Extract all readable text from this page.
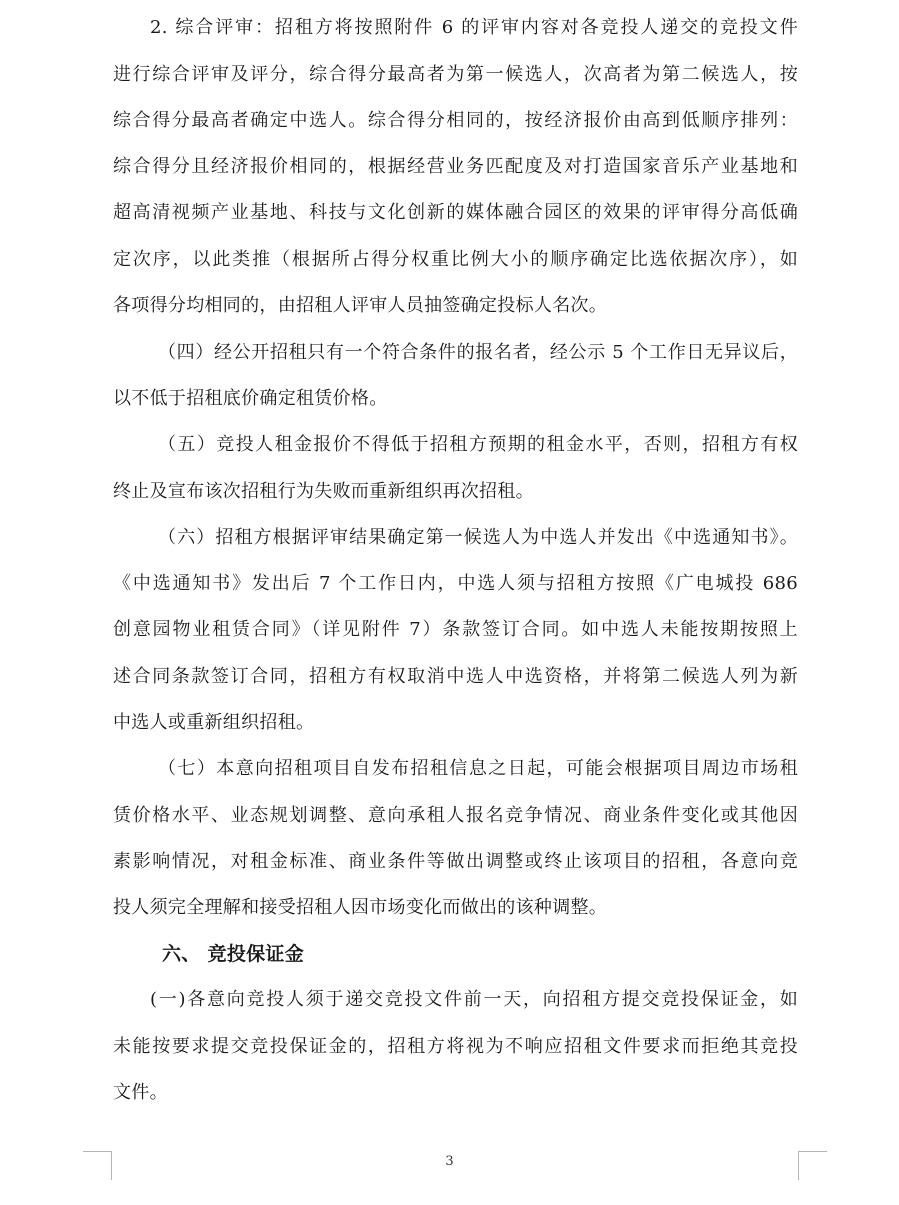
2. 综合评审：招租方将按照附件 6 的评审内容对各竞投人递交的竞投文件
进行综合评审及评分，综合得分最高者为第一候选人，次高者为第二候选人，按
综合得分最高者确定中选人。综合得分相同的，按经济报价由高到低顺序排列：
综合得分且经济报价相同的，根据经营业务匹配度及对打造国家音乐产业基地和
超高清视频产业基地、科技与文化创新的媒体融合园区的效果的评审得分高低确
定次序，以此类推（根据所占得分权重比例大小的顺序确定比选依据次序），如
各项得分均相同的，由招租人评审人员抽签确定投标人名次。
（四）经公开招租只有一个符合条件的报名者，经公示 5 个工作日无异议后，
以不低于招租底价确定租赁价格。
（五）竞投人租金报价不得低于招租方预期的租金水平，否则，招租方有权
终止及宣布该次招租行为失败而重新组织再次招租。
（六）招租方根据评审结果确定第一候选人为中选人并发出《中选通知书》。
《中选通知书》发出后 7 个工作日内，中选人须与招租方按照《广电城投 686
创意园物业租赁合同》（详见附件 7）条款签订合同。如中选人未能按期按照上
述合同条款签订合同，招租方有权取消中选人中选资格，并将第二候选人列为新
中选人或重新组织招租。
（七）本意向招租项目自发布招租信息之日起，可能会根据项目周边市场租
赁价格水平、业态规划调整、意向承租人报名竞争情况、商业条件变化或其他因
素影响情况，对租金标准、商业条件等做出调整或终止该项目的招租，各意向竞
投人须完全理解和接受招租人因市场变化而做出的该种调整。
六、 竞投保证金
(一)各意向竞投人须于递交竞投文件前一天，向招租方提交竞投保证金，如
未能按要求提交竞投保证金的，招租方将视为不响应招租文件要求而拒绝其竞投
文件。
3
